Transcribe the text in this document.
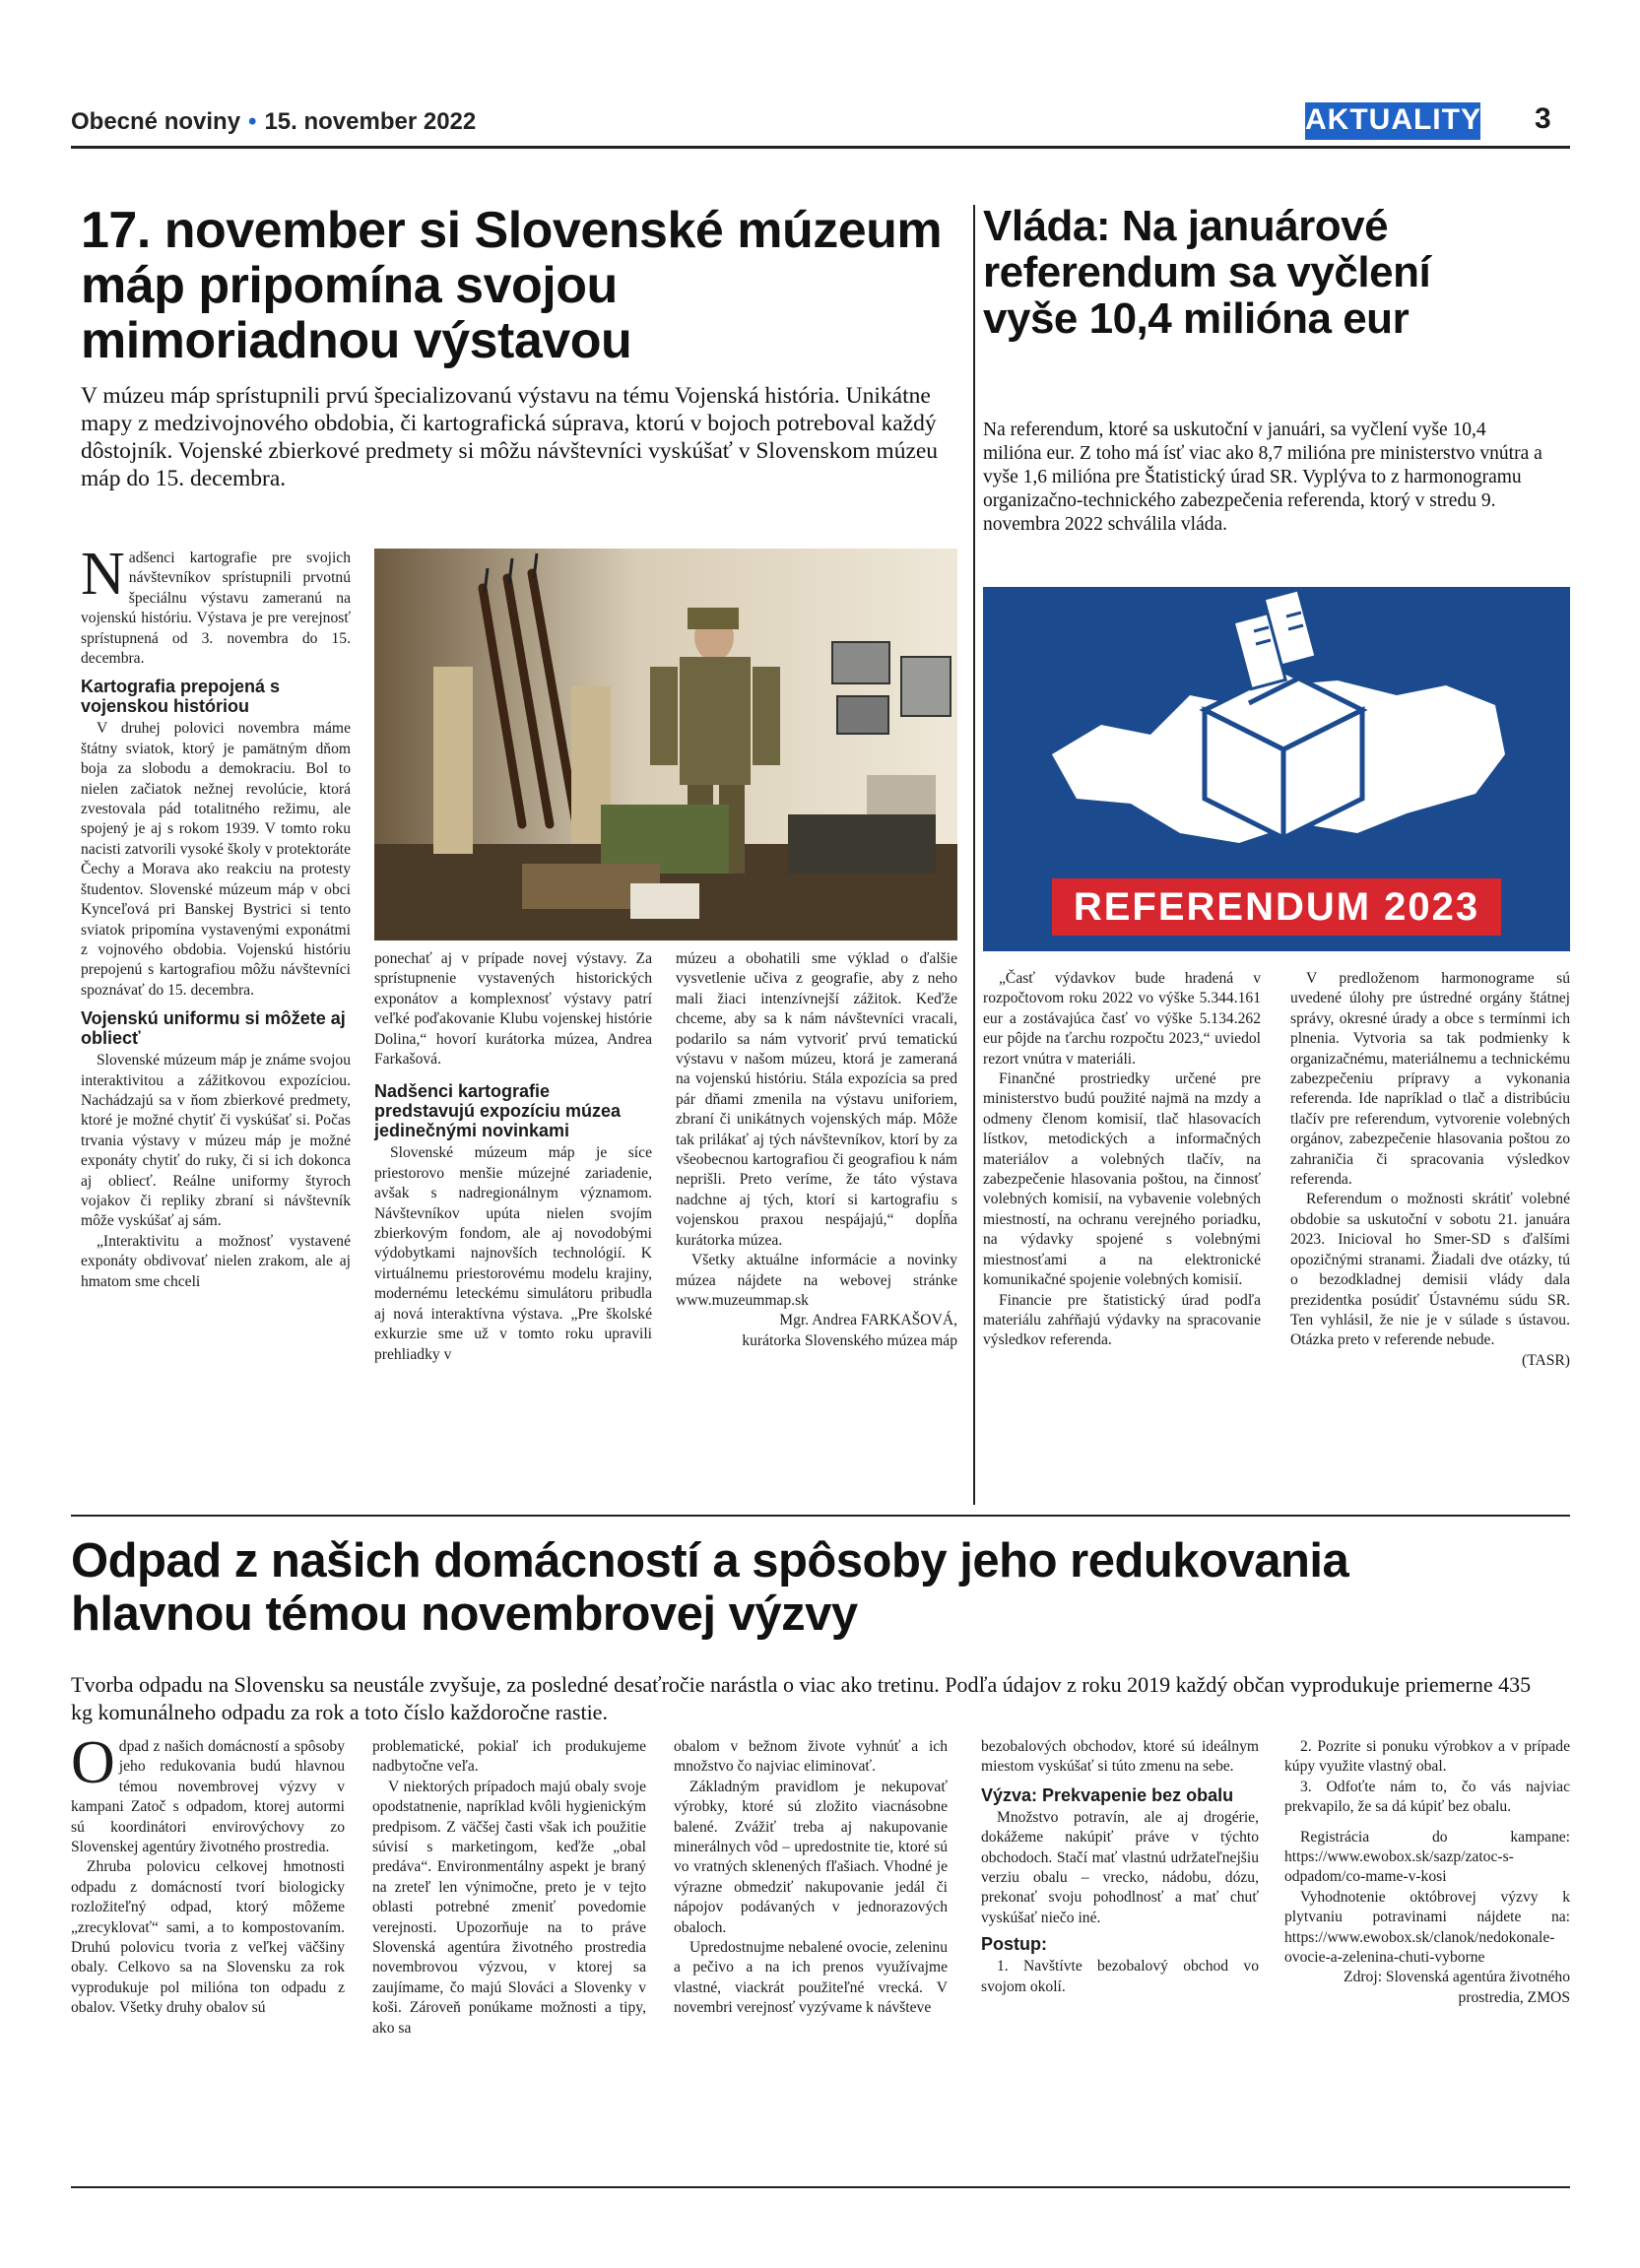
Obecné noviny • 15. november 2022	AKTUALITY 3
17. november si Slovenské múzeum máp pripomína svojou mimoriadnou výstavou
V múzeu máp sprístupnili prvú špecializovanú výstavu na tému Vojenská história. Unikátne mapy z medzivojnového obdobia, či kartografická súprava, ktorú v bojoch potreboval každý dôstojník. Vojenské zbierkové predmety si môžu návštevníci vyskúšať v Slovenskom múzeu máp do 15. decembra.

Nadšenci kartografie pre svojich návštevníkov sprístupnili prvotnú špeciálnu výstavu zameranú na vojenskú históriu. Výstava je pre verejnosť sprístupnená od 3. novembra do 15. decembra.

Kartografia prepojená s vojenskou históriou

V druhej polovici novembra máme štátny sviatok, ktorý je pamätným dňom boja za slobodu a demokraciu. Bol to nielen začiatok nežnej revolúcie, ktorá zvestovala pád totalitného režimu, ale spojený je aj s rokom 1939. V tomto roku nacisti zatvorili vysoké školy v protektoráte Čechy a Morava ako reakciu na protesty študentov. Slovenské múzeum máp v obci Kynceľová pri Banskej Bystrici si tento sviatok pripomína vystavenými exponátmi z vojnového obdobia. Vojenskú históriu prepojenú s kartografiou môžu návštevníci spoznávať do 15. decembra.

Vojenskú uniformu si môžete aj obliecť

Slovenské múzeum máp je známe svojou interaktivitou a zážitkovou expozíciou. Nachádzajú sa v ňom zbierkové predmety, ktoré je možné chytiť či vyskúšať si. Počas trvania výstavy v múzeu máp je možné exponáty chytiť do ruky, či si ich dokonca aj obliecť. Reálne uniformy štyroch vojakov či repliky zbraní si návštevník môže vyskúšať aj sám.

„Interaktivitu a možnosť vystavené exponáty obdivovať nielen zrakom, ale aj hmatom sme chceli

ponechať aj v prípade novej výstavy. Za sprístupnenie vystavených historických exponátov a komplexnosť výstavy patrí veľké poďakovanie Klubu vojenskej histórie Dolina,“ hovorí kurátorka múzea, Andrea Farkašová.

Nadšenci kartografie predstavujú expozíciu múzea jedinečnými novinkami

Slovenské múzeum máp je síce priestorovo menšie múzejné zariadenie, avšak s nadregionálnym významom. Návštevníkov upúta nielen svojím zbierkovým fondom, ale aj novodobými výdobytkami najnovších technológií. K virtuálnemu priestorovému modelu krajiny, modernému leteckému simulátoru pribudla aj nová interaktívna výstava. „Pre školské exkurzie sme už v tomto roku upravili prehliadky v

múzeu a obohatili sme výklad o ďalšie vysvetlenie učiva z geografie, aby z neho mali žiaci intenzívnejší zážitok. Keďže chceme, aby sa k nám návštevníci vracali, podarilo sa nám vytvoriť prvú tematickú výstavu v našom múzeu, ktorá je zameraná na vojenskú históriu. Stála expozícia sa pred pár dňami zmenila na výstavu uniforiem, zbraní či unikátnych vojenských máp. Môže tak prilákať aj tých návštevníkov, ktorí by za všeobecnou kartografiou či geografiou k nám neprišli. Preto veríme, že táto výstava nadchne aj tých, ktorí si kartografiu s vojenskou praxou nespájajú,“ dopĺňa kurátorka múzea.

Všetky aktuálne informácie a novinky múzea nájdete na webovej stránke www.muzeummap.sk

Mgr. Andrea FARKAŠOVÁ,

kurátorka Slovenského múzea máp

Vláda: Na januárové referendum sa vyčlení vyše 10,4 milióna eur
Na referendum, ktoré sa uskutoční v januári, sa vyčlení vyše 10,4 milióna eur. Z toho má ísť viac ako 8,7 milióna pre ministerstvo vnútra a vyše 1,6 milióna pre Štatistický úrad SR. Vyplýva to z harmonogramu organizačno-technického zabezpečenia referenda, ktorý v stredu 9. novembra 2022 schválila vláda.
REFERENDUM 2023

„Časť výdavkov bude hradená v rozpočtovom roku 2022 vo výške 5.344.161 eur a zostávajúca časť vo výške 5.134.262 eur pôjde na ťarchu rozpočtu 2023,“ uviedol rezort vnútra v materiáli.

Finančné prostriedky určené pre ministerstvo budú použité najmä na mzdy a odmeny členom komisií, tlač hlasovacích lístkov, metodických a informačných materiálov a volebných tlačív, na zabezpečenie hlasovania poštou, na činnosť volebných komisií, na vybavenie volebných miestností, na ochranu verejného poriadku, na výdavky spojené s volebnými miestnosťami a na elektronické komunikačné spojenie volebných komisií.

Financie pre štatistický úrad podľa materiálu zahŕňajú výdavky na spracovanie výsledkov referenda.

V predloženom harmonograme sú uvedené úlohy pre ústredné orgány štátnej správy, okresné úrady a obce s termínmi ich plnenia. Vytvoria sa tak podmienky k organizačnému, materiálnemu a technickému zabezpečeniu prípravy a vykonania referenda. Ide napríklad o tlač a distribúciu tlačív pre referendum, vytvorenie volebných orgánov, zabezpečenie hlasovania poštou zo zahraničia či spracovania výsledkov referenda.

Referendum o možnosti skrátiť volebné obdobie sa uskutoční v sobotu 21. januára 2023. Inicioval ho Smer-SD s ďalšími opozičnými stranami. Žiadali dve otázky, tú o bezodkladnej demisii vlády dala prezidentka posúdiť Ústavnému súdu SR. Ten vyhlásil, že nie je v súlade s ústavou. Otázka preto v referende nebude.

(TASR)

Odpad z našich domácností a spôsoby jeho redukovania hlavnou témou novembrovej výzvy
Tvorba odpadu na Slovensku sa neustále zvyšuje, za posledné desaťročie narástla o viac ako tretinu. Podľa údajov z roku 2019 každý občan vyprodukuje priemerne 435 kg komunálneho odpadu za rok a toto číslo každoročne rastie.

Odpad z našich domácností a spôsoby jeho redukovania budú hlavnou témou novembrovej výzvy v kampani Zatoč s odpadom, ktorej autormi sú koordinátori envirovýchovy zo Slovenskej agentúry životného prostredia.

Zhruba polovicu celkovej hmotnosti odpadu z domácností tvorí biologicky rozložiteľný odpad, ktorý môžeme „zrecyklovať“ sami, a to kompostovaním. Druhú polovicu tvoria z veľkej väčšiny obaly. Celkovo sa na Slovensku za rok vyprodukuje pol milióna ton odpadu z obalov. Všetky druhy obalov sú

problematické, pokiaľ ich produkujeme nadbytočne veľa.

V niektorých prípadoch majú obaly svoje opodstatnenie, napríklad kvôli hygienickým predpisom. Z väčšej časti však ich použitie súvisí s marketingom, keďže „obal predáva“. Environmentálny aspekt je braný na zreteľ len výnimočne, preto je v tejto oblasti potrebné zmeniť povedomie verejnosti. Upozorňuje na to práve Slovenská agentúra životného prostredia novembrovou výzvou, v ktorej sa zaujímame, čo majú Slováci a Slovenky v koši. Zároveň ponúkame možnosti a tipy, ako sa

obalom v bežnom živote vyhnúť a ich množstvo čo najviac eliminovať.

Základným pravidlom je nekupovať výrobky, ktoré sú zložito viacnásobne balené. Zvážiť treba aj nakupovanie minerálnych vôd – upredostnite tie, ktoré sú vo vratných sklenených fľašiach. Vhodné je výrazne obmedziť nakupovanie jedál či nápojov podávaných v jednorazových obaloch.

Upredostnujme nebalené ovocie, zeleninu a pečivo a na ich prenos využívajme vlastné, viackrát použiteľné vrecká. V novembri verejnosť vyzývame k návšteve

bezobalových obchodov, ktoré sú ideálnym miestom vyskúšať si túto zmenu na sebe.

Výzva: Prekvapenie bez obalu

Množstvo potravín, ale aj drogérie, dokážeme nakúpiť práve v týchto obchodoch. Stačí mať vlastnú udržateľnejšiu verziu obalu – vrecko, nádobu, dózu, prekonať svoju pohodlnosť a mať chuť vyskúšať niečo iné.

Postup:

1. Navštívte bezobalový obchod vo svojom okolí.

2. Pozrite si ponuku výrobkov a v prípade kúpy využite vlastný obal.

3. Odfoťte nám to, čo vás najviac prekvapilo, že sa dá kúpiť bez obalu.

Registrácia do kampane: https://www.ewobox.sk/sazp/zatoc-s-odpadom/co-mame-v-kosi

Vyhodnotenie októbrovej výzvy k plytvaniu potravinami nájdete na: https://www.ewobox.sk/clanok/nedokonale-ovocie-a-zelenina-chuti-vyborne

Zdroj: Slovenská agentúra životného prostredia, ZMOS
